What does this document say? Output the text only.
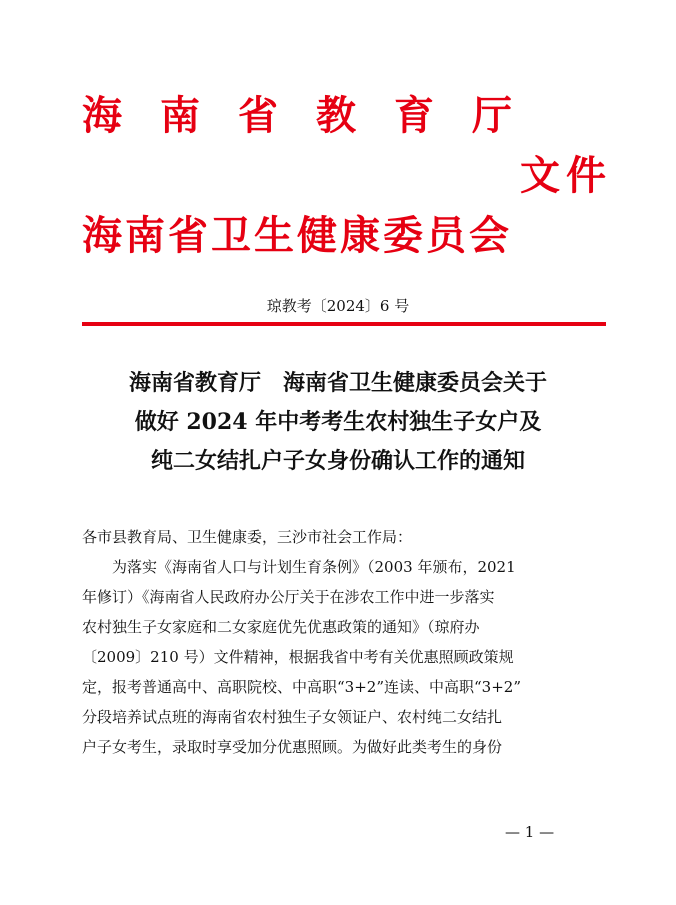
海南省教育厅
文件
海南省卫生健康委员会
琼教考〔2024〕6 号
海南省教育厅　海南省卫生健康委员会关于
做好 2024 年中考考生农村独生子女户及
纯二女结扎户子女身份确认工作的通知
各市县教育局、卫生健康委，三沙市社会工作局：
为落实《海南省人口与计划生育条例》（2003 年颁布，2021
年修订）《海南省人民政府办公厅关于在涉农工作中进一步落实
农村独生子女家庭和二女家庭优先优惠政策的通知》（琼府办
〔2009〕210 号）文件精神，根据我省中考有关优惠照顾政策规
定，报考普通高中、高职院校、中高职“3+2”连读、中高职“3+2”
分段培养试点班的海南省农村独生子女领证户、农村纯二女结扎
户子女考生，录取时享受加分优惠照顾。为做好此类考生的身份
— 1 —
